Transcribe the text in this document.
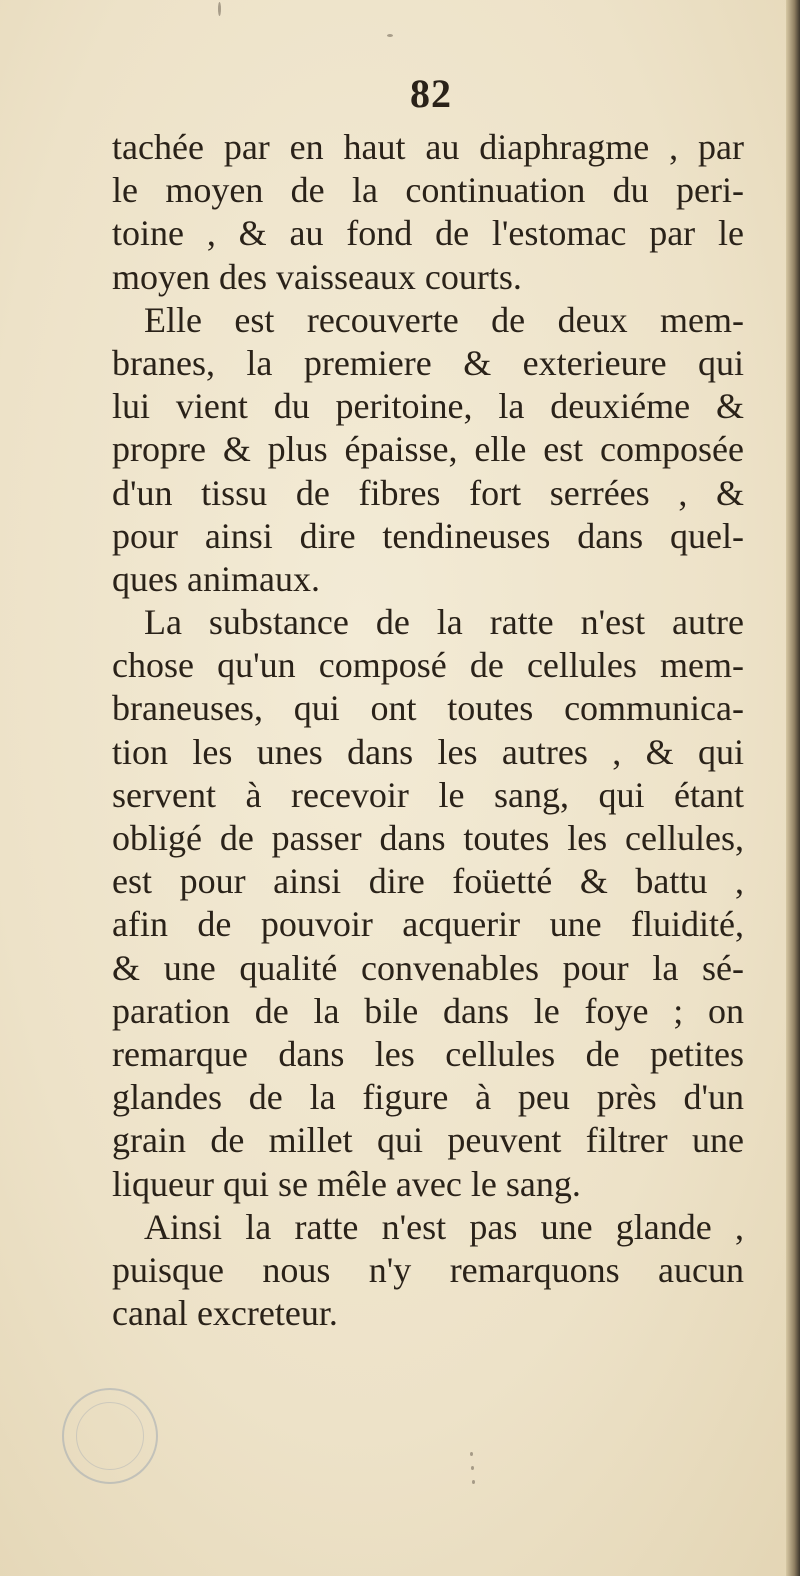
82
tachée par en haut au diaphragme , par
le moyen de la continuation du peri-
toine , & au fond de l'estomac par le
moyen des vaisseaux courts.
Elle est recouverte de deux mem-
branes, la premiere & exterieure qui
lui vient du peritoine, la deuxiéme &
propre & plus épaisse, elle est composée
d'un tissu de fibres fort serrées , &
pour ainsi dire tendineuses dans quel-
ques animaux.
La substance de la ratte n'est autre
chose qu'un composé de cellules mem-
braneuses, qui ont toutes communica-
tion les unes dans les autres , & qui
servent à recevoir le sang, qui étant
obligé de passer dans toutes les cellules,
est pour ainsi dire foüetté & battu ,
afin de pouvoir acquerir une fluidité,
& une qualité convenables pour la sé-
paration de la bile dans le foye ; on
remarque dans les cellules de petites
glandes de la figure à peu près d'un
grain de millet qui peuvent filtrer une
liqueur qui se mêle avec le sang.
Ainsi la ratte n'est pas une glande ,
puisque nous n'y remarquons aucun
canal excreteur.
